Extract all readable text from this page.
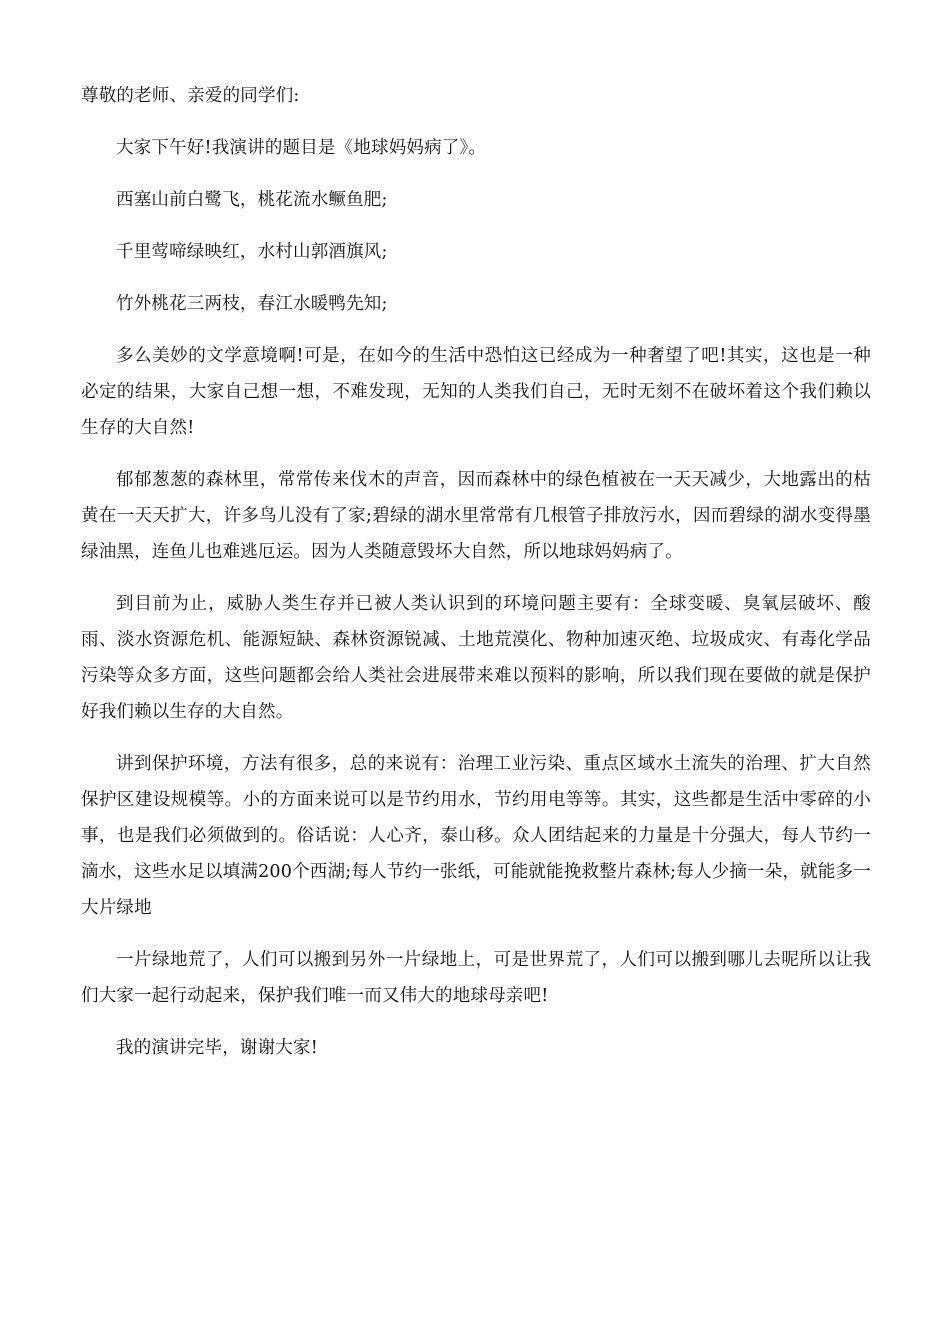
尊敬的老师、亲爱的同学们:

大家下午好!我演讲的题目是《地球妈妈病了》。

西塞山前白鹭飞，桃花流水鳜鱼肥;

千里莺啼绿映红，水村山郭酒旗风;

竹外桃花三两枝，春江水暖鸭先知;

多么美妙的文学意境啊!可是，在如今的生活中恐怕这已经成为一种奢望了吧!其实，这也是一种必定的结果，大家自己想一想，不难发现，无知的人类我们自己，无时无刻不在破坏着这个我们赖以生存的大自然!

郁郁葱葱的森林里，常常传来伐木的声音，因而森林中的绿色植被在一天天减少，大地露出的枯黄在一天天扩大，许多鸟儿没有了家;碧绿的湖水里常常有几根管子排放污水，因而碧绿的湖水变得墨绿油黑，连鱼儿也难逃厄运。因为人类随意毁坏大自然，所以地球妈妈病了。

到目前为止，威胁人类生存并已被人类认识到的环境问题主要有：全球变暖、臭氧层破坏、酸雨、淡水资源危机、能源短缺、森林资源锐减、土地荒漠化、物种加速灭绝、垃圾成灾、有毒化学品污染等众多方面，这些问题都会给人类社会进展带来难以预料的影响，所以我们现在要做的就是保护好我们赖以生存的大自然。

讲到保护环境，方法有很多，总的来说有：治理工业污染、重点区域水土流失的治理、扩大自然保护区建设规模等。小的方面来说可以是节约用水，节约用电等等。其实，这些都是生活中零碎的小事，也是我们必须做到的。俗话说：人心齐，泰山移。众人团结起来的力量是十分强大，每人节约一滴水，这些水足以填满200个西湖;每人节约一张纸，可能就能挽救整片森林;每人少摘一朵，就能多一大片绿地

一片绿地荒了，人们可以搬到另外一片绿地上，可是世界荒了，人们可以搬到哪儿去呢所以让我们大家一起行动起来，保护我们唯一而又伟大的地球母亲吧!

我的演讲完毕，谢谢大家!
